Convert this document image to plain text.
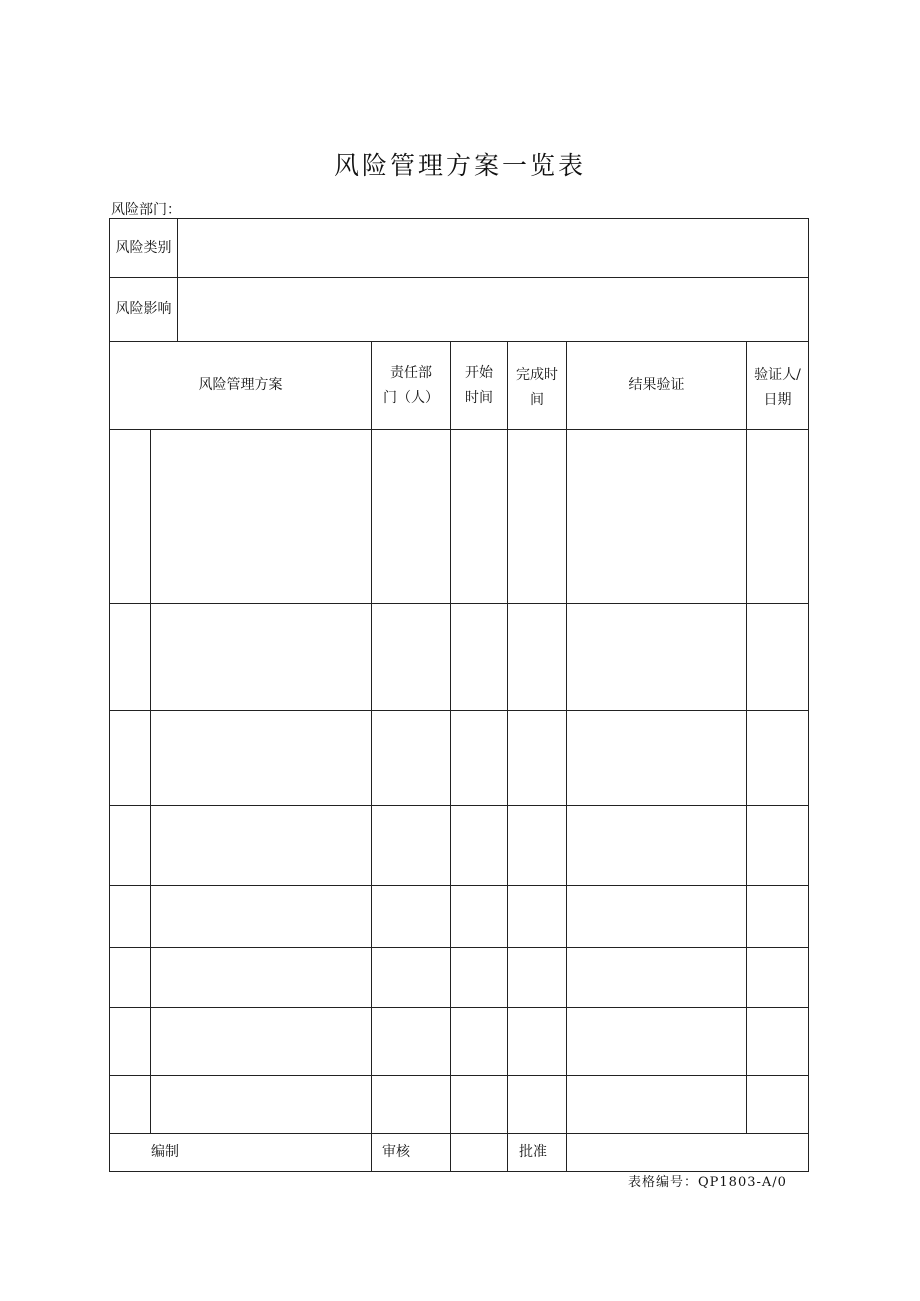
风险管理方案一览表
风险部门：
风险类别
风险影响
风险管理方案
责任部
门（人）
开始
时间
完成时
间
结果验证
验证人/
日期
编制	审核	批准
表格编号：QP1803-A/0
